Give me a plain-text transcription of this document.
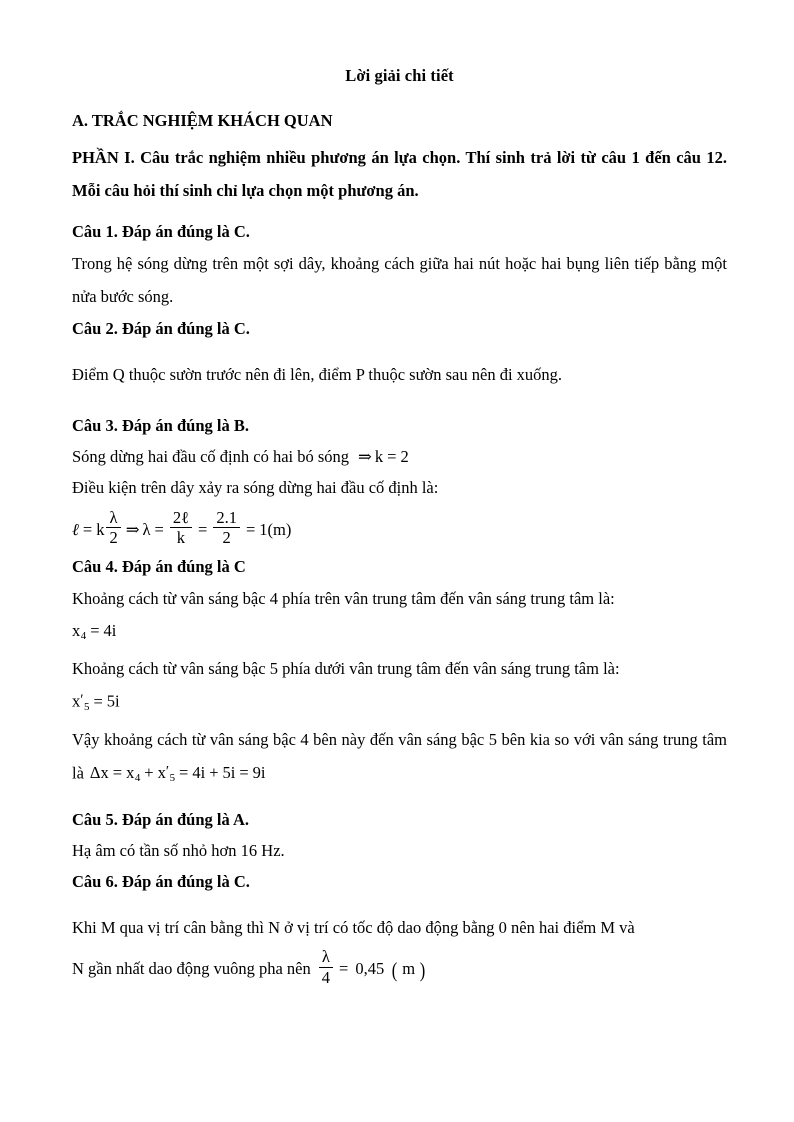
Lời giải chi tiết

A. TRẮC NGHIỆM KHÁCH QUAN

PHẦN I. Câu trắc nghiệm nhiều phương án lựa chọn. Thí sinh trả lời từ câu 1 đến câu 12. Mỗi câu hỏi thí sinh chỉ lựa chọn một phương án.

Câu 1. Đáp án đúng là C.

Trong hệ sóng dừng trên một sợi dây, khoảng cách giữa hai nút hoặc hai bụng liên tiếp bằng một nửa bước sóng.

Câu 2. Đáp án đúng là C.

Điểm Q thuộc sườn trước nên đi lên, điểm P thuộc sườn sau nên đi xuống.

Câu 3. Đáp án đúng là B.

Sóng dừng hai đầu cố định có hai bó sóng ⇒ k = 2

Điều kiện trên dây xảy ra sóng dừng hai đầu cố định là:

ℓ = k $\frac{\lambda}{2}$ ⇒ $\lambda = \frac{\text{2ℓ}}{k} = \frac{2.1}{2} = 1(m)$

Câu 4. Đáp án đúng là C

Khoảng cách từ vân sáng bậc 4 phía trên vân trung tâm đến vân sáng trung tâm là:

$x_4 = 4i$

Khoảng cách từ vân sáng bậc 5 phía dưới vân trung tâm đến vân sáng trung tâm là:

$x'_5 = 5i$

Vậy khoảng cách từ vân sáng bậc 4 bên này đến vân sáng bậc 5 bên kia so với vân sáng trung tâm là $\Delta x = x_4 + x'_5 = 4i + 5i = 9i$

Câu 5. Đáp án đúng là A.

Hạ âm có tần số nhỏ hơn 16 Hz.

Câu 6. Đáp án đúng là C.

Khi M qua vị trí cân bằng thì N ở vị trí có tốc độ dao động bằng 0 nên hai điểm M và

N gần nhất dao động vuông pha nên $\frac{\lambda}{4} = 0,45$ ( m )
